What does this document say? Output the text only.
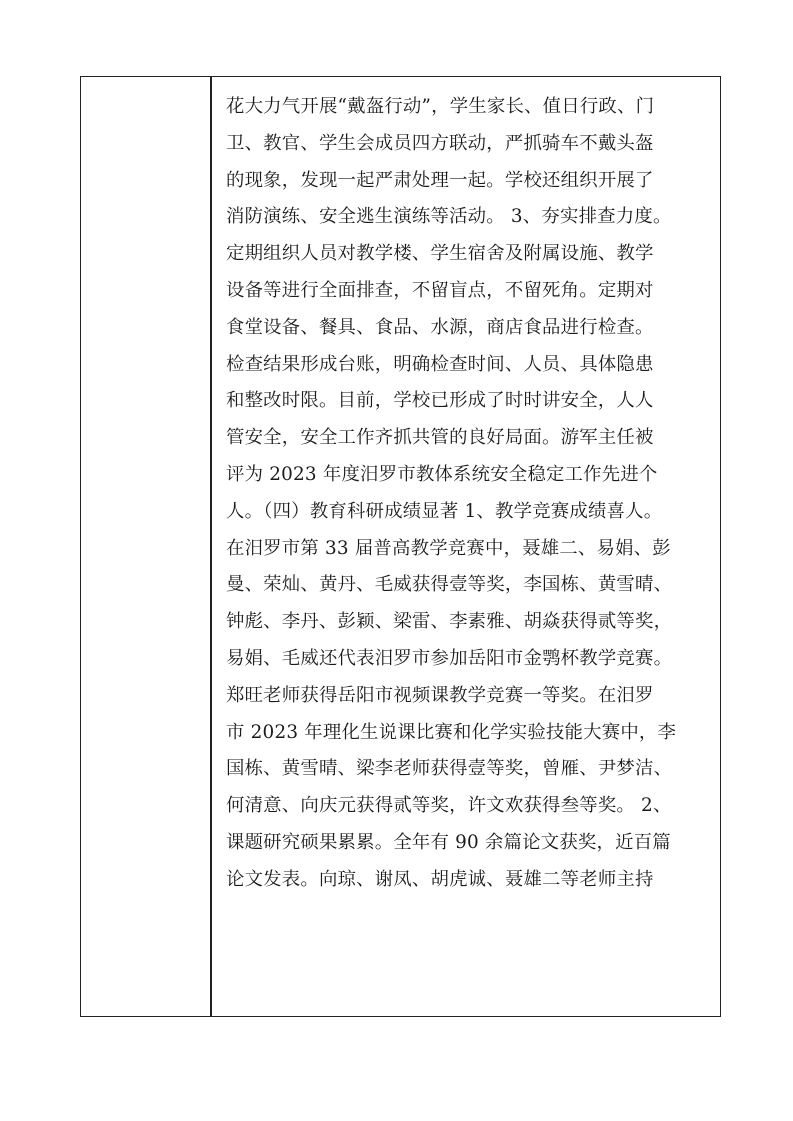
花大力气开展“戴盔行动”，学生家长、值日行政、门
卫、教官、学生会成员四方联动，严抓骑车不戴头盔
的现象，发现一起严肃处理一起。学校还组织开展了
消防演练、安全逃生演练等活动。 3、夯实排查力度。
定期组织人员对教学楼、学生宿舍及附属设施、教学
设备等进行全面排查，不留盲点，不留死角。定期对
食堂设备、餐具、食品、水源，商店食品进行检查。
检查结果形成台账，明确检查时间、人员、具体隐患
和整改时限。目前，学校已形成了时时讲安全，人人
管安全，安全工作齐抓共管的良好局面。游军主任被
评为 2023 年度汨罗市教体系统安全稳定工作先进个
人。（四）教育科研成绩显著 1、教学竞赛成绩喜人。
在汨罗市第 33 届普高教学竞赛中，聂雄二、易娟、彭
曼、荣灿、黄丹、毛威获得壹等奖，李国栋、黄雪晴、
钟彪、李丹、彭颖、梁雷、李素雅、胡焱获得贰等奖，
易娟、毛威还代表汨罗市参加岳阳市金鹗杯教学竞赛。
郑旺老师获得岳阳市视频课教学竞赛一等奖。在汨罗
市 2023 年理化生说课比赛和化学实验技能大赛中，李
国栋、黄雪晴、梁李老师获得壹等奖，曾雁、尹梦洁、
何清意、向庆元获得贰等奖，许文欢获得叁等奖。 2、
课题研究硕果累累。全年有 90 余篇论文获奖，近百篇
论文发表。向琼、谢凤、胡虎诚、聂雄二等老师主持
